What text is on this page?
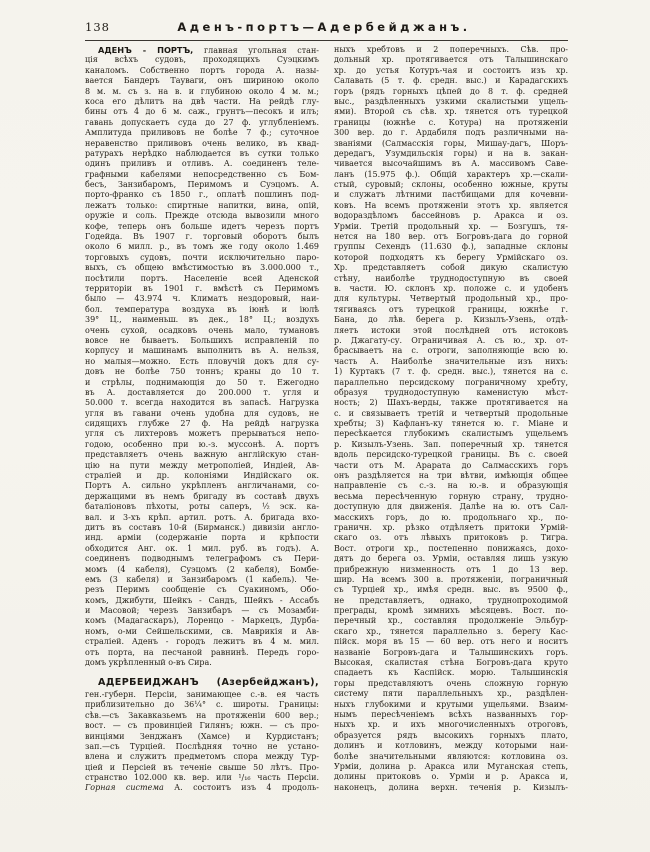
138	Аденъ-портъ—Адербейджанъ.
АДЕНЪ - ПОРТЪ, главная угольная стан-
ція всѣхъ судовъ, проходящихъ Суэцкимъ
каналомъ. Собственно портъ города А. назы-
вается Бандеръ Тауваги, онъ шириною около
8 м. м. съ з. на в. и глубиною около 4 м. м.;
коса его дѣлитъ на двѣ части. На рейдѣ глу-
бины отъ 4 до 6 м. саж., грунтъ—песокъ и илъ;
гавань допускаетъ суда до 27 ф. углубленіемъ.
Амплитуда приливовъ не болѣе 7 ф.; суточное
неравенство приливовъ очень велико, въ квад-
ратурахъ нерѣдко наблюдается въ сутки только
одинъ приливъ и отливъ. А. соединенъ теле-
графными кабелями непосредственно съ Бом-
бесъ, Занзибаромъ, Перимомъ и Суэцомъ. А.
порто-франко съ 1850 г., оплатѣ пошлинъ под-
лежатъ только: спиртные напитки, вина, опій,
оружіе и соль. Прежде отсюда вывозили много
кофе, теперь онъ больше идетъ черезъ портъ
Годейда. Въ 1907 г. торговый оборотъ былъ
около 6 милл. р., въ томъ же году около 1.469
торговыхъ судовъ, почти исключительно паро-
выхъ, съ общею вмѣстимостью въ 3.000.000 т.,
посѣтили портъ. Населеніе всей Аденской
территоріи въ 1901 г. вмѣстѣ съ Перимомъ
было — 43.974 ч. Климатъ нездоровый, наи-
бол. температура воздуха въ іюнѣ и іюлѣ
39° Ц., наименьш. въ дек., 18° Ц.; воздухъ
очень сухой, осадковъ очень мало, тумановъ
вовсе не бываетъ. Большихъ исправленій по
корпусу и машинамъ выполнить въ А. нельзя,
но малыя—можно. Есть пловучій докъ для су-
довъ не болѣе 750 тоннъ; краны до 10 т.
и стрѣлы, поднимающія до 50 т. Ежегодно
въ А. доставляется до 200.000 т. угля и
50.000 т. всегда находится въ запасѣ. Нагрузка
угля въ гавани очень удобна для судовъ, не
сидящихъ глубже 27 ф. На рейдѣ нагрузка
угля съ лихтеровъ можетъ прерываться непо-
годою, особенно при ю.-з. муссонѣ. А. портъ
представляетъ очень важную англійскую стан-
цію на пути между метрополіей, Индіей, Ав-
страліей и др. колоніями Индійскаго ок.
Портъ А. сильно укрѣпленъ англичанами, со-
держащими въ немъ бригаду въ составѣ двухъ
баталіоновъ пѣхоты, роты саперъ, ½ эск. ка-
вал. и 3-хъ крѣп. артил. ротъ. А. бригада вхо-
дитъ въ составъ 10-й (Бирманск.) дивизіи англо-
инд. арміи (содержаніе порта и крѣпости
обходится Анг. ок. 1 мил. руб. въ годъ). А.
соединенъ подводнымъ телеграфомъ съ Пери-
момъ (4 кабеля), Суэцомъ (2 кабеля), Бомбе-
емъ (3 кабеля) и Занзибаромъ (1 кабель). Че-
резъ Перимъ сообщеніе съ Суакиномъ, Обо-
комъ, Джибути, Шейкъ - Сандъ, Шейкъ - Ассабъ
и Масовой; черезъ Занзибаръ — съ Мозамби-
комъ (Мадагаскаръ), Лоренцо - Маркецъ, Дурба-
номъ, о-ми Сейшельскими, св. Маврикія и Ав-
страліей. Аденъ - городъ лежитъ въ 4 м. мил.
отъ порта, на песчаной равнинѣ. Передъ горо-
домъ укрѣпленный о-въ Сира.
АДЕРБЕЙДЖАНЪ (Азербейджанъ),
ген.-губерн. Персіи, занимающее с.-в. ея часть
приблизительно до 36¼° с. широты. Границы:
сѣв.—съ Закавказьемъ на протяженіи 600 вер.;
вост. — съ провинціей Гилянъ; южн. — съ про-
винціями Зенджанъ (Хамсе) и Курдистанъ;
зап.—съ Турціей. Послѣдняя точно не устано-
влена и служитъ предметомъ спора между Тур-
ціей и Персіей въ теченіе свыше 50 лѣтъ. Про-
странство 102.000 кв. вер. или ¹/₁₆ часть Персіи.
Горная система А. состоитъ изъ 4 продоль-
ныхъ хребтовъ и 2 поперечныхъ. Сѣв. про-
дольный хр. протягивается отъ Талышинскаго
хр. до устья Котуръ-чая и состоитъ изъ хр.
Салавать (5 т. ф. средн. выс.) и Карадагскихъ
горъ (рядъ горныхъ цѣпей до 8 т. ф. средней
выс., раздѣленныхъ узкими скалистыми ущель-
ями). Второй съ сѣв. хр. тянется отъ турецкой
границы (южнѣе с. Котура) на протяженіи
300 вер. до г. Ардабиля подъ различными на-
званіями (Салмасскія горы, Мишау-дагъ, Шоръ-
дередагъ, Узумдильскія горы) и на в. закан-
чивается высочайшимъ въ А. массивомъ Саве-
ланъ (15.975 ф.). Общій характеръ хр.—скали-
стый, суровый; склоны, особенно южные, круты
и служатъ лѣтними пастбищами для кочевни-
ковъ. На всемъ протяженіи этотъ хр. является
водораздѣломъ бассейновъ р. Аракса и оз.
Урміи. Третій продольный хр. — Бозгушъ, тя-
нется на 180 вер. отъ Богровъ-дага до горной
группы Сехендъ (11.630 ф.), западные склоны
которой подходятъ къ берегу Урмійскаго оз.
Хр. представляетъ собой дикую скалистую
стѣну, наиболѣе труднодоступную въ своей
в. части. Ю. склонъ хр. положе с. и удобенъ
для культуры. Четвертый продольный хр., про-
тягиваясь отъ турецкой границы, южнѣе г.
Бана, до лѣв. берега р. Кизылъ-Узень, отдѣ-
ляетъ истоки этой послѣдней отъ истоковъ
р. Джагату-су. Ограничивая А. съ ю., хр. от-
брасываетъ на с. отроги, заполняющіе всю ю.
часть А. Наиболѣе значительные изъ нихъ:
1) Куртакъ (7 т. ф. средн. выс.), тянется на с.
параллельно персидскому пограничному хребту,
образуя труднодоступную каменистую мѣст-
ность; 2) Шахъ-верды, также протягивается на
с. и связываетъ третій и четвертый продольные
хребты; 3) Кафланъ-ку тянется ю. г. Міане и
пересѣкается глубокимъ скалистымъ ущельемъ
р. Кизылъ-Узень. Зап. поперечный хр. тянется
вдоль персидско-турецкой границы. Въ с. своей
части отъ М. Арарата до Салмасскихъ горъ
онъ раздѣляется на три вѣтви, имѣющія общее
направленіе съ с.-з. на ю.-в. и образующія
весьма пересѣченную горную страну, трудно-
доступную для движенія. Далѣе на ю. отъ Сал-
масскихъ горъ, до ю. продольнаго хр., по-
граничн. хр. рѣзко отдѣляетъ притоки Урмій-
скаго оз. отъ лѣвыхъ притоковъ р. Тигра.
Вост. отроги хр., постепенно понижаясь, дохо-
дятъ до берега оз. Урміи, оставляя лишь узкую
прибрежную низменность отъ 1 до 13 вер.
шир. На всемъ 300 в. протяженіи, пограничный
съ Турціей хр., имѣя средн. выс. въ 9500 ф.,
не представляетъ, однако, труднопроходимой
преграды, кромѣ зимнихъ мѣсяцевъ. Вост. по-
перечный хр., составляя продолженіе Эльбур-
скаго хр., тянется параллельно з. берегу Кас-
пійск. моря въ 15 — 60 вер. отъ него и носитъ
названіе Богровъ-дага и Талышинскихъ горъ.
Высокая, скалистая стѣна Богровъ-дага круто
спадаетъ къ Каспійск. морю. Талышинскія
горы представляютъ очень сложную горную
систему пяти параллельныхъ хр., раздѣлен-
ныхъ глубокими и крутыми ущельями. Взаим-
нымъ пересѣченіемъ всѣхъ названныхъ гор-
ныхъ хр. и ихъ многочисленныхъ отроговъ,
образуется рядъ высокихъ горныхъ плато,
долинъ и котловинъ, между которыми наи-
болѣе значительными являются: котловина оз.
Урміи, долина р. Аракса или Муганская степь,
долины притоковъ о. Урміи и р. Аракса и,
наконецъ, долина верхн. теченія р. Кизылъ-
